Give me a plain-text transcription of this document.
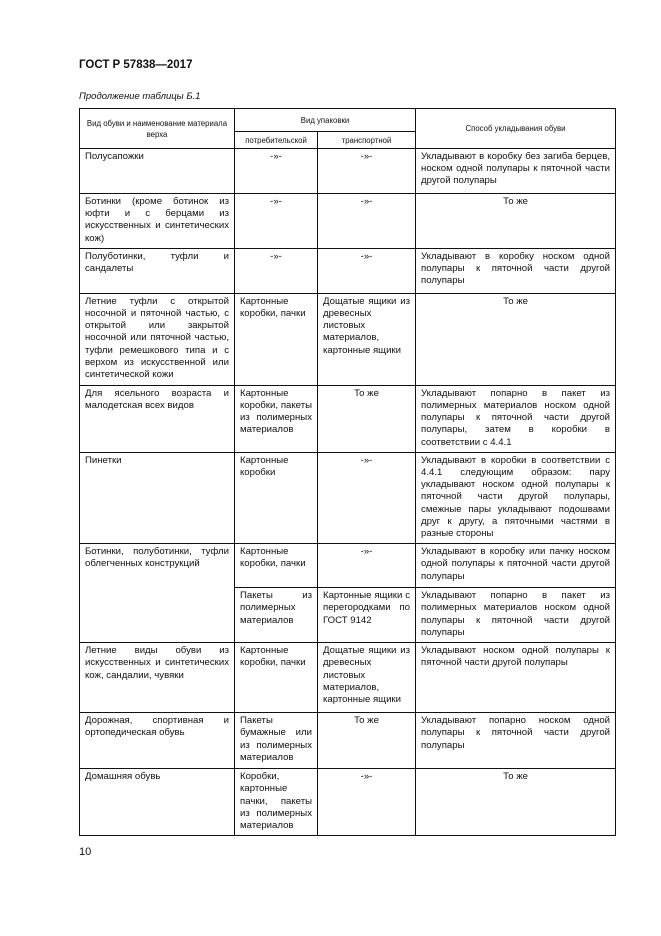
ГОСТ Р 57838—2017
Продолжение таблицы Б.1
Вид обуви и наименование материала верха	Вид упаковки		Способ укладывания обуви
	потребительской	транспортной	
Полусапожки	-»-	-»-	Укладывают в коробку без загиба берцев, носком одной полупары к пяточной части другой полупары
Ботинки (кроме ботинок из юфти и с берцами из искусственных и синтетических кож)	-»-	-»-	То же
Полуботинки, туфли и сандалеты	-»-	-»-	Укладывают в коробку носком одной полупары к пяточной части другой полупары
Летние туфли с открытой носочной и пяточной частью, с открытой или закрытой носочной или пяточной частью, туфли ремешкового типа и с верхом из искусственной или синтетической кожи	Картонные коробки, пачки	Дощатые ящики из древесных листовых материалов, картонные ящики	То же
Для ясельного возраста и малодетская всех видов	Картонные коробки, пакеты из полимерных материалов	То же	Укладывают попарно в пакет из полимерных материалов носком одной полупары к пяточной части другой полупары, затем в коробки в соответствии с 4.4.1
Пинетки	Картонные коробки	-»-	Укладывают в коробки в соответствии с 4.4.1 следующим образом: пару укладывают носком одной полупары к пяточной части другой полупары, смежные пары укладывают подошвами друг к другу, а пяточными частями в разные стороны
Ботинки, полуботинки, туфли облегченных конструкций	Картонные коробки, пачки	-»-	Укладывают в коробку или пачку носком одной полупары к пяточной части другой полупары
	Пакеты из полимерных материалов	Картонные ящики с перегородками по ГОСТ 9142	Укладывают попарно в пакет из полимерных материалов носком одной полупары к пяточной части другой полупары
Летние виды обуви из искусственных и синтетических кож, сандалии, чувяки	Картонные коробки, пачки	Дощатые ящики из древесных листовых материалов, картонные ящики	Укладывают носком одной полупары к пяточной части другой полупары
Дорожная, спортивная и ортопедическая обувь	Пакеты бумажные или из полимерных материалов	То же	Укладывают попарно носком одной полупары к пяточной части другой полупары
Домашняя обувь	Коробки, картонные пачки, пакеты из полимерных материалов	-»-	То же
10
